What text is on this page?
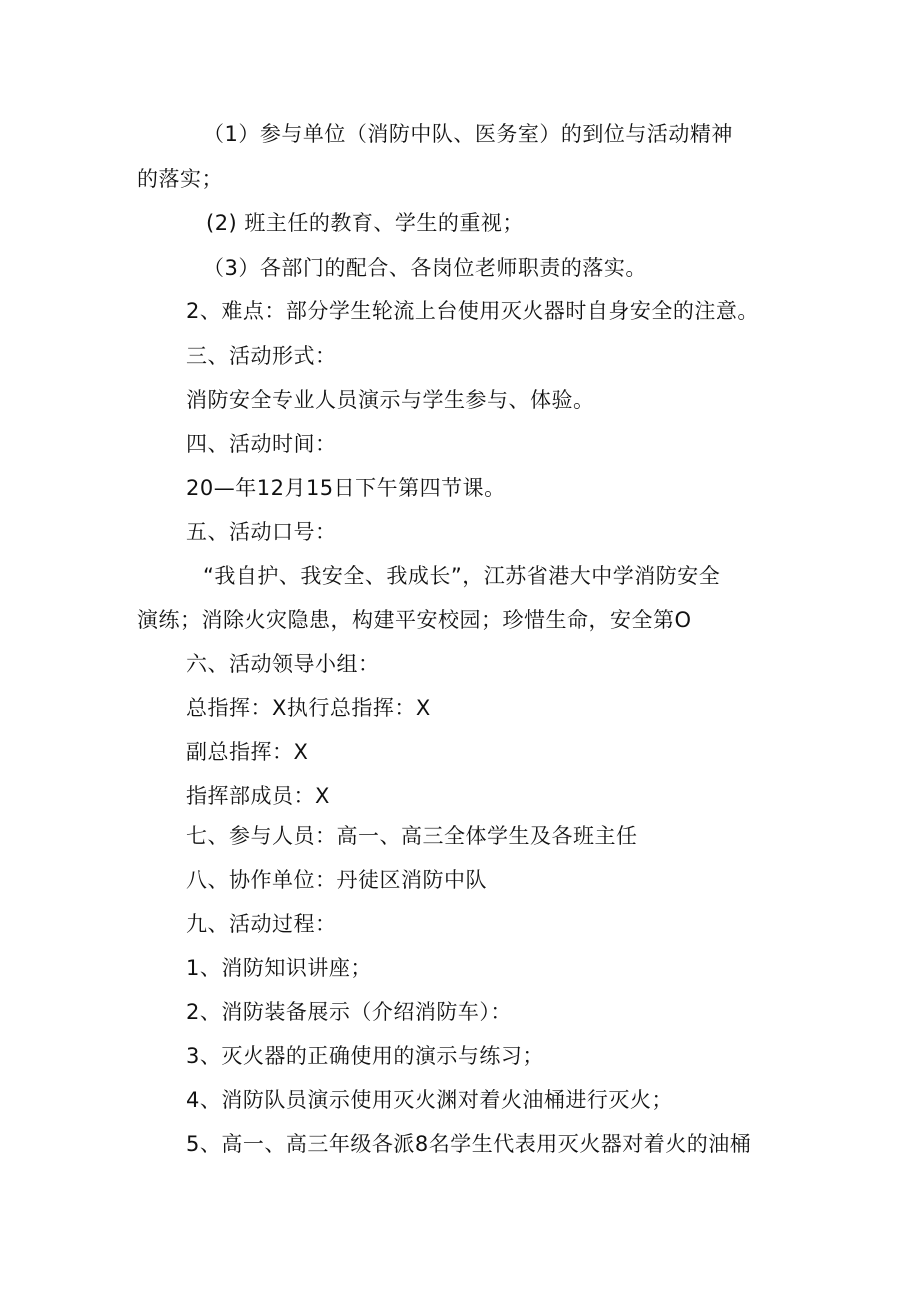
（1）参与单位（消防中队、医务室）的到位与活动精神
的落实；
(2) 班主任的教育、学生的重视；
（3）各部门的配合、各岗位老师职责的落实。
2、难点：部分学生轮流上台使用灭火器时自身安全的注意。
三、活动形式：
消防安全专业人员演示与学生参与、体验。
四、活动时间：
20—年12月15日下午第四节课。
五、活动口号：
“我自护、我安全、我成长”，江苏省港大中学消防安全
演练；消除火灾隐患，构建平安校园；珍惜生命，安全第O
六、活动领导小组：
总指挥：X执行总指挥：X
副总指挥：X
指挥部成员：X
七、参与人员：高一、高三全体学生及各班主任
八、协作单位：丹徒区消防中队
九、活动过程：
1、消防知识讲座；
2、消防装备展示（介绍消防车）：
3、灭火器的正确使用的演示与练习；
4、消防队员演示使用灭火渊对着火油桶进行灭火；
5、高一、高三年级各派8名学生代表用灭火器对着火的油桶
